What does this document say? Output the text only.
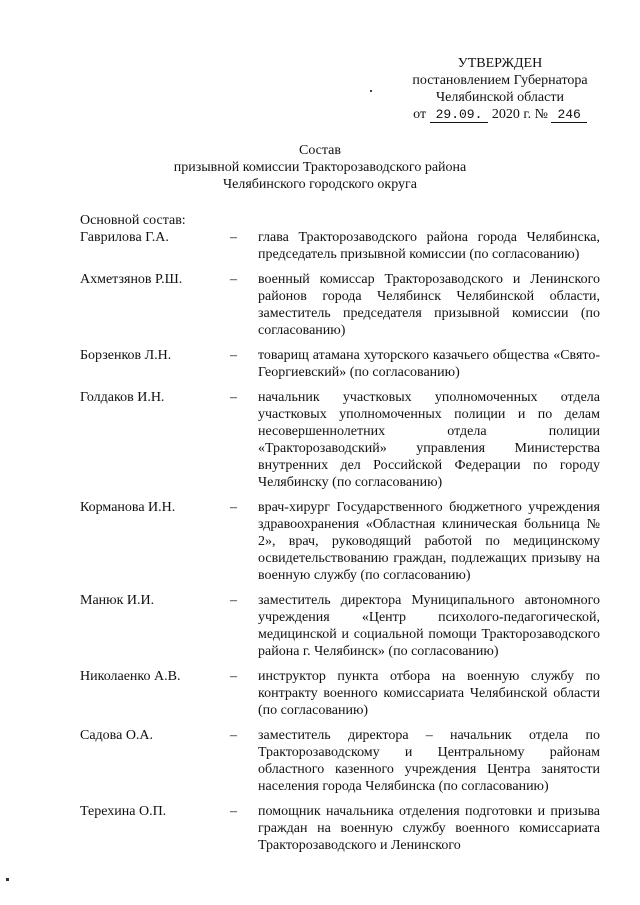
УТВЕРЖДЕН
постановлением Губернатора
Челябинской области
от 29.09. 2020 г. № 246
Состав
призывной комиссии Тракторозаводского района
Челябинского городского округа
Основной состав:
Гаврилова Г.А.	–	глава Тракторозаводского района города Челябинска, председатель призывной комиссии (по согласованию)
Ахметзянов Р.Ш.	–	военный комиссар Тракторозаводского и Ленинского районов города Челябинск Челябинской области, заместитель председателя призывной комиссии (по согласованию)
Борзенков Л.Н.	–	товарищ атамана хуторского казачьего общества «Свято-Георгиевский» (по согласованию)
Голдаков И.Н.	–	начальник участковых уполномоченных отдела участковых уполномоченных полиции и по делам несовершеннолетних отдела полиции «Тракторозаводский» управления Министерства внутренних дел Российской Федерации по городу Челябинску (по согласованию)
Корманова И.Н.	–	врач-хирург Государственного бюджетного учреждения здравоохранения «Областная клиническая больница № 2», врач, руководящий работой по медицинскому освидетельствованию граждан, подлежащих призыву на военную службу (по согласованию)
Манюк И.И.	–	заместитель директора Муниципального автономного учреждения «Центр психолого-педагогической, медицинской и социальной помощи Тракторозаводского района г. Челябинск» (по согласованию)
Николаенко А.В.	–	инструктор пункта отбора на военную службу по контракту военного комиссариата Челябинской области (по согласованию)
Садова О.А.	–	заместитель директора – начальник отдела по Тракторозаводскому и Центральному районам областного казенного учреждения Центра занятости населения города Челябинска (по согласованию)
Терехина О.П.	–	помощник начальника отделения подготовки и призыва граждан на военную службу военного комиссариата Тракторозаводского и Ленинского
